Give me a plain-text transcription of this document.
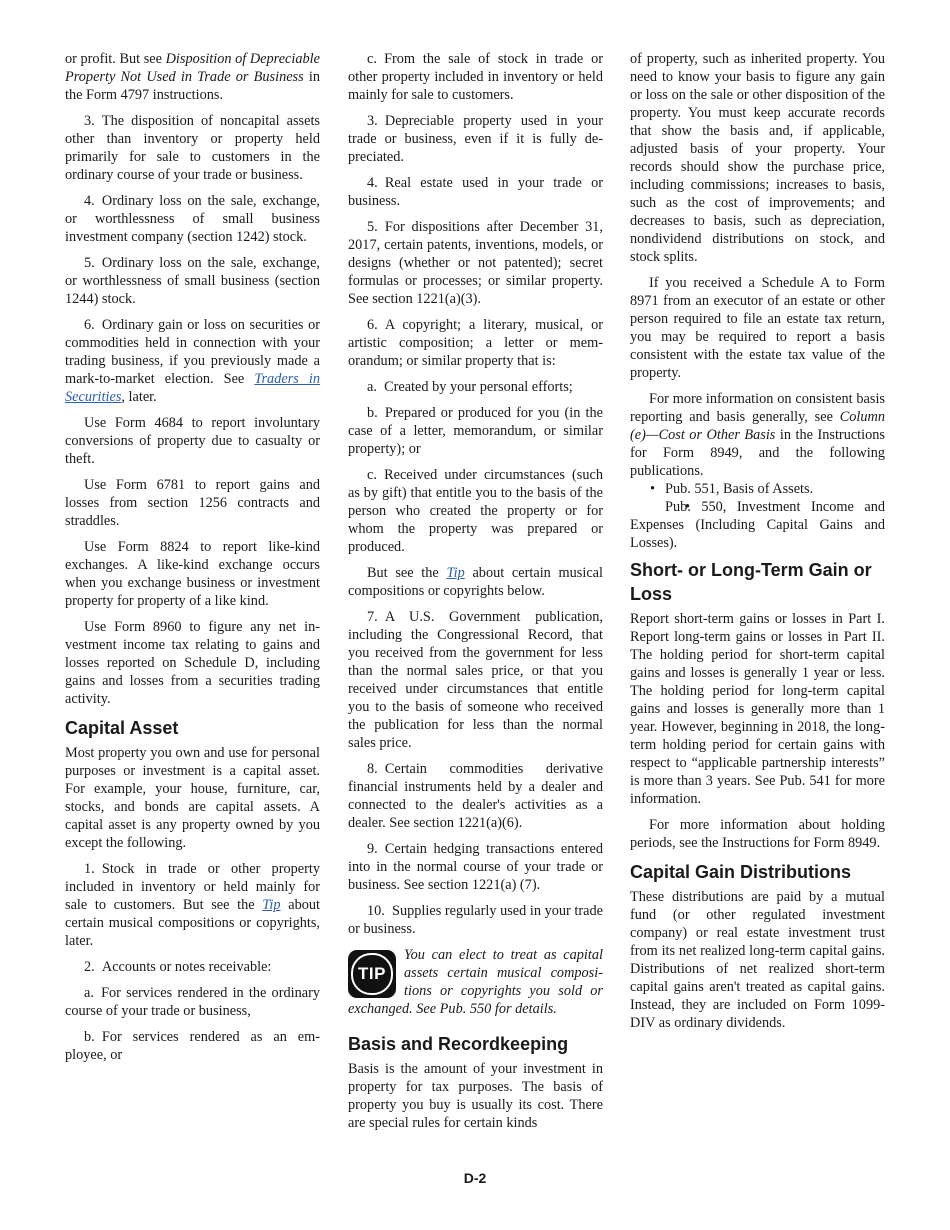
or profit. But see Disposition of Depreciable Property Not Used in Trade or Business in the Form 4797 instructions.

3. The disposition of noncapital assets other than inventory or property held primarily for sale to customers in the ordinary course of your trade or business.

4. Ordinary loss on the sale, exchange, or worthlessness of small business investment company (section 1242) stock.

5. Ordinary loss on the sale, exchange, or worthlessness of small business (section 1244) stock.

6. Ordinary gain or loss on securities or commodities held in connection with your trading business, if you previously made a mark-to-market election. See Traders in Securities, later.

Use Form 4684 to report involuntary conversions of property due to casualty or theft.

Use Form 6781 to report gains and losses from section 1256 contracts and straddles.

Use Form 8824 to report like-kind exchanges. A like-kind exchange occurs when you exchange business or investment property for property of a like kind.

Use Form 8960 to figure any net investment income tax relating to gains and losses reported on Schedule D, including gains and losses from a securities trading activity.

Capital Asset

Most property you own and use for personal purposes or investment is a capital asset. For example, your house, furniture, car, stocks, and bonds are capital assets. A capital asset is any property owned by you except the following.

1. Stock in trade or other property included in inventory or held mainly for sale to customers. But see the Tip about certain musical compositions or copyrights, later.

2. Accounts or notes receivable:

a. For services rendered in the ordinary course of your trade or business,

b. For services rendered as an employee, or

c. From the sale of stock in trade or other property included in inventory or held mainly for sale to customers.

3. Depreciable property used in your trade or business, even if it is fully depreciated.

4. Real estate used in your trade or business.

5. For dispositions after December 31, 2017, certain patents, inventions, models, or designs (whether or not patented); secret formulas or processes; or similar property. See section 1221(a)(3).

6. A copyright; a literary, musical, or artistic composition; a letter or memorandum; or similar property that is:

a. Created by your personal efforts;

b. Prepared or produced for you (in the case of a letter, memorandum, or similar property); or

c. Received under circumstances (such as by gift) that entitle you to the basis of the person who created the property or for whom the property was prepared or produced.

But see the Tip about certain musical compositions or copyrights below.

7. A U.S. Government publication, including the Congressional Record, that you received from the government for less than the normal sales price, or that you received under circumstances that entitle you to the basis of someone who received the publication for less than the normal sales price.

8. Certain commodities derivative financial instruments held by a dealer and connected to the dealer's activities as a dealer. See section 1221(a)(6).

9. Certain hedging transactions entered into in the normal course of your trade or business. See section 1221(a) (7).

10. Supplies regularly used in your trade or business.

TIP
You can elect to treat as capital assets certain musical compositions or copyrights you sold or exchanged. See Pub. 550 for details.
Basis and Recordkeeping

Basis is the amount of your investment in property for tax purposes. The basis of property you buy is usually its cost. There are special rules for certain kinds

of property, such as inherited property. You need to know your basis to figure any gain or loss on the sale or other disposition of the property. You must keep accurate records that show the basis and, if applicable, adjusted basis of your property. Your records should show the purchase price, including commissions; increases to basis, such as the cost of improvements; and decreases to basis, such as depreciation, nondividend distributions on stock, and stock splits.

If you received a Schedule A to Form 8971 from an executor of an estate or other person required to file an estate tax return, you may be required to report a basis consistent with the estate tax value of the property.

For more information on consistent basis reporting and basis generally, see Column (e)—Cost or Other Basis in the Instructions for Form 8949, and the following publications.

• Pub. 551, Basis of Assets.
• Pub. 550, Investment Income and Expenses (Including Capital Gains and Losses).
Short- or Long-Term Gain or Loss

Report short-term gains or losses in Part I. Report long-term gains or losses in Part II. The holding period for short-term capital gains and losses is generally 1 year or less. The holding period for long-term capital gains and losses is generally more than 1 year. However, beginning in 2018, the long-term holding period for certain gains with respect to “applicable partnership interests” is more than 3 years. See Pub. 541 for more information.

For more information about holding periods, see the Instructions for Form 8949.

Capital Gain Distributions

These distributions are paid by a mutual fund (or other regulated investment company) or real estate investment trust from its net realized long-term capital gains. Distributions of net realized short-term capital gains aren't treated as capital gains. Instead, they are included on Form 1099-DIV as ordinary dividends.

D-2
